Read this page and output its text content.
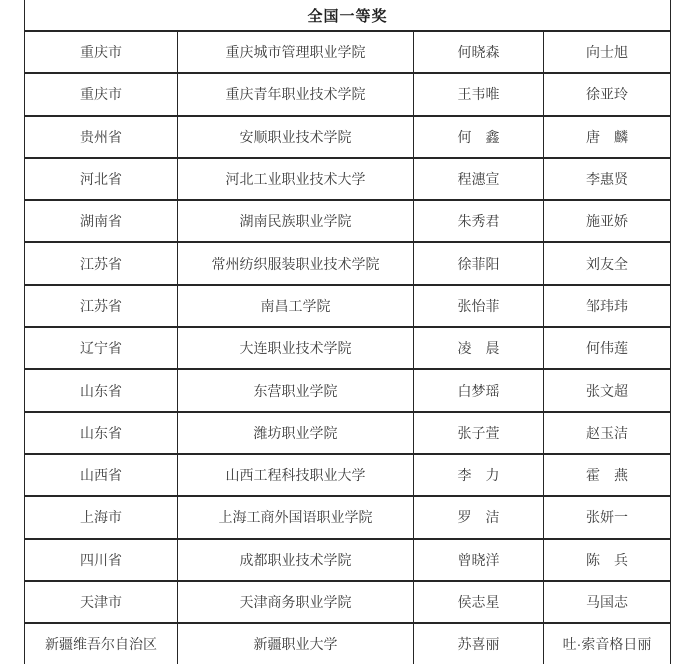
全国一等奖			
重庆市	重庆城市管理职业学院	何晓森	向士旭
重庆市	重庆青年职业技术学院	王韦唯	徐亚玲
贵州省	安顺职业技术学院	何　鑫	唐　麟
河北省	河北工业职业技术大学	程潓宣	李惠贤
湖南省	湖南民族职业学院	朱秀君	施亚娇
江苏省	常州纺织服装职业技术学院	徐菲阳	刘友全
江苏省	南昌工学院	张怡菲	邹玮玮
辽宁省	大连职业技术学院	凌　晨	何伟莲
山东省	东营职业学院	白梦瑶	张文超
山东省	潍坊职业学院	张子萱	赵玉洁
山西省	山西工程科技职业大学	李　力	霍　燕
上海市	上海工商外国语职业学院	罗　洁	张妍一
四川省	成都职业技术学院	曾晓洋	陈　兵
天津市	天津商务职业学院	侯志星	马国志
新疆维吾尔自治区	新疆职业大学	苏喜丽	吐·索音格日丽
